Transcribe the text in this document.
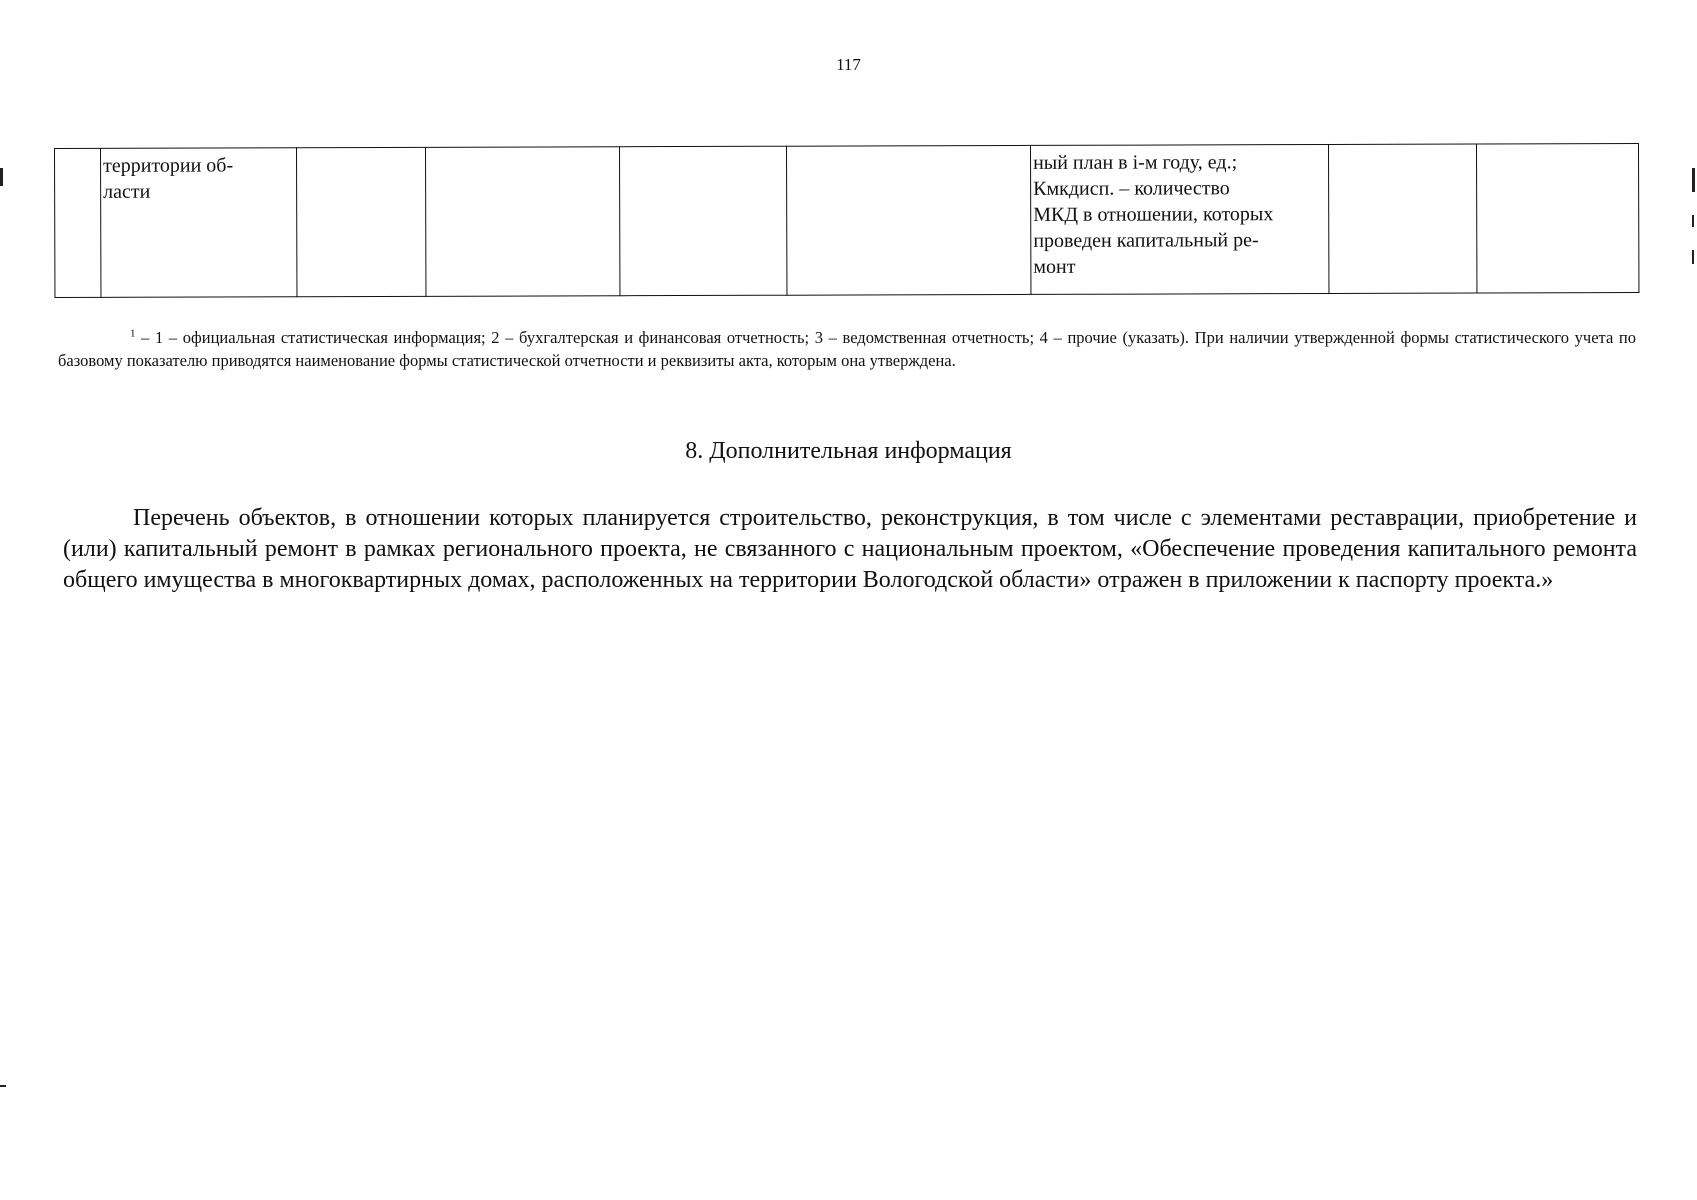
117
	территории об-
ласти					ный план в i-м году, ед.;
Кмкдисп. – количество
МКД в отношении, которых
проведен капитальный ре-
монт		
$^1$ – 1 – официальная статистическая информация; 2 – бухгалтерская и финансовая отчетность; 3 – ведомственная отчетность; 4 – прочие (указать). При наличии утвержденной формы статистического учета по базовому показателю приводятся наименование формы статистической отчетности и реквизиты акта, которым она утверждена.
8. Дополнительная информация
Перечень объектов, в отношении которых планируется строительство, реконструкция, в том числе с элементами реставрации, приобретение и (или) капитальный ремонт в рамках регионального проекта, не связанного с национальным проектом, «Обеспечение проведения капитального ремонта общего имущества в многоквартирных домах, расположенных на территории Вологодской области» отражен в приложении к паспорту проекта.»
